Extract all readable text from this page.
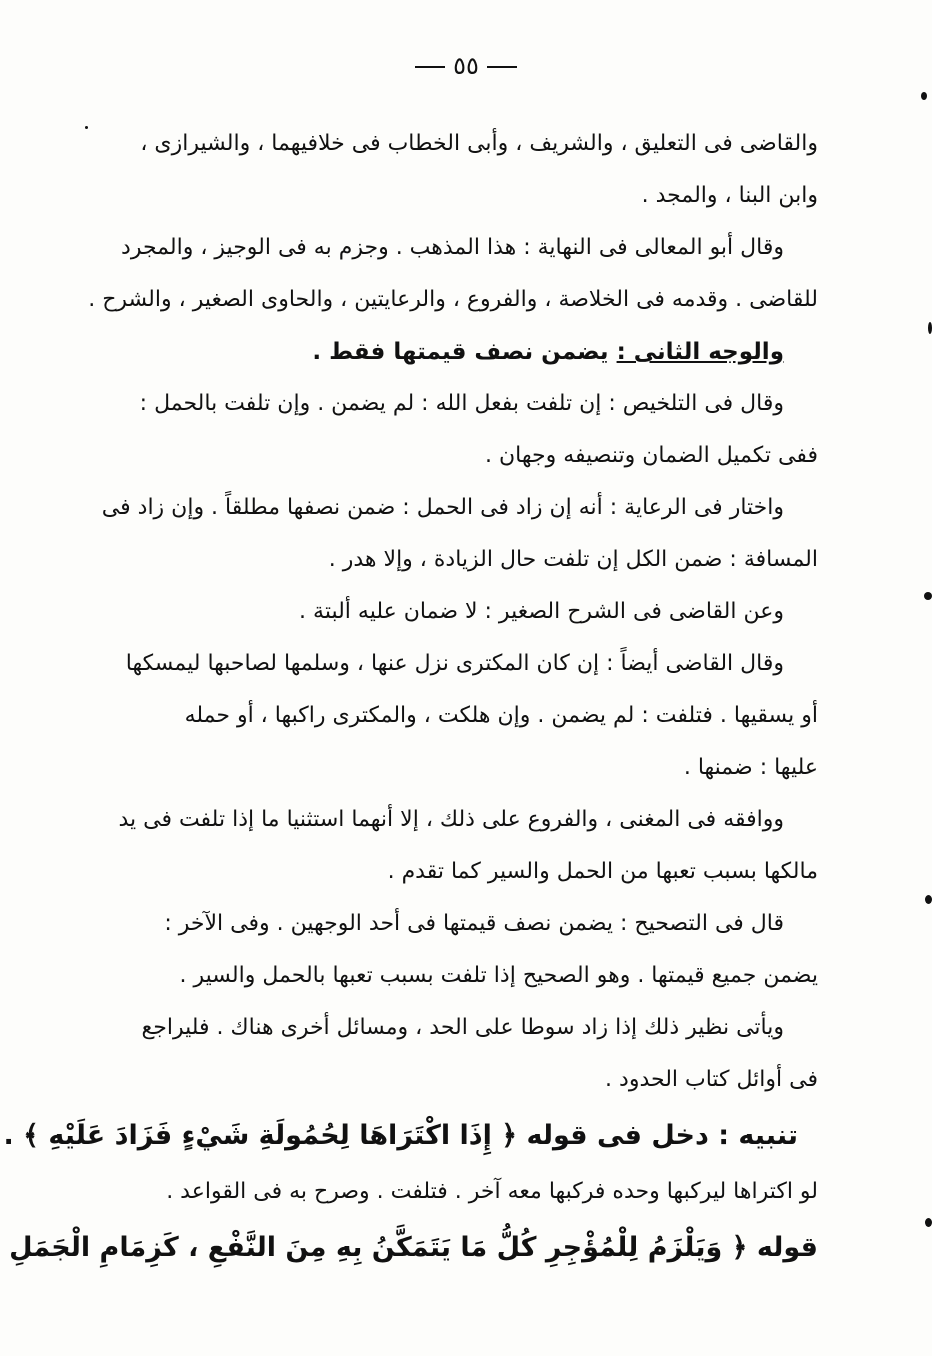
٥٥
والقاضى فى التعليق ، والشريف ، وأبى الخطاب فى خلافيهما ، والشيرازى ،
وابن البنا ، والمجد .
وقال أبو المعالى فى النهاية : هذا المذهب . وجزم به فى الوجيز ، والمجرد
للقاضى . وقدمه فى الخلاصة ، والفروع ، والرعايتين ، والحاوى الصغير ، والشرح .
والوجه الثانى : يضمن نصف قيمتها فقط .
وقال فى التلخيص : إن تلفت بفعل الله : لم يضمن . وإن تلفت بالحمل :
ففى تكميل الضمان وتنصيفه وجهان .
واختار فى الرعاية : أنه إن زاد فى الحمل : ضمن نصفها مطلقاً . وإن زاد فى
المسافة : ضمن الكل إن تلفت حال الزيادة ، وإلا هدر .
وعن القاضى فى الشرح الصغير : لا ضمان عليه ألبتة .
وقال القاضى أيضاً : إن كان المكترى نزل عنها ، وسلمها لصاحبها ليمسكها
أو يسقيها . فتلفت : لم يضمن . وإن هلكت ، والمكترى راكبها ، أو حمله
عليها : ضمنها .
ووافقه فى المغنى ، والفروع على ذلك ، إلا أنهما استثنيا ما إذا تلفت فى يد
مالكها بسبب تعبها من الحمل والسير كما تقدم .
قال فى التصحيح : يضمن نصف قيمتها فى أحد الوجهين . وفى الآخر :
يضمن جميع قيمتها . وهو الصحيح إذا تلفت بسبب تعبها بالحمل والسير .
ويأتى نظير ذلك إذا زاد سوطا على الحد ، ومسائل أخرى هناك . فليراجع
فى أوائل كتاب الحدود .
تنبيه : دخل فى قوله ﴿ إِذَا اكْتَرَاهَا لِحُمُولَةِ شَيْءٍ فَزَادَ عَلَيْهِ ﴾ .
لو اكتراها ليركبها وحده فركبها معه آخر . فتلفت . وصرح به فى القواعد .
قوله ﴿ وَيَلْزَمُ لِلْمُؤْجِرِ كُلُّ مَا يَتَمَكَّنُ بِهِ مِنَ النَّفْعِ ، كَزِمَامِ الْجَمَلِ
